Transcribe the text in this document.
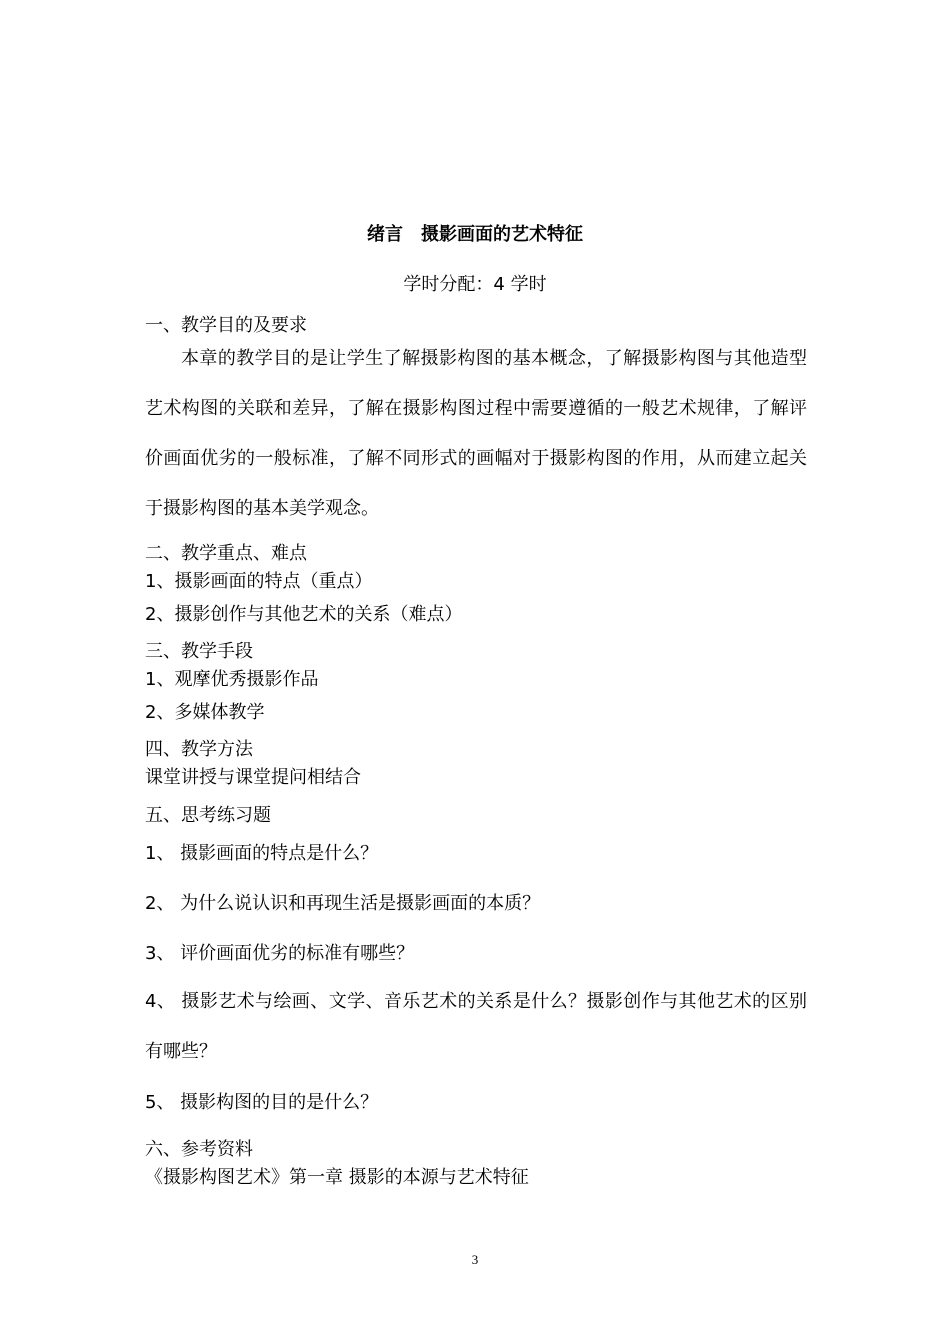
绪言　摄影画面的艺术特征
学时分配：4 学时
一、教学目的及要求
本章的教学目的是让学生了解摄影构图的基本概念，了解摄影构图与其他造型艺术构图的关联和差异，了解在摄影构图过程中需要遵循的一般艺术规律，了解评价画面优劣的一般标准，了解不同形式的画幅对于摄影构图的作用，从而建立起关于摄影构图的基本美学观念。
二、教学重点、难点
1、摄影画面的特点（重点）
2、摄影创作与其他艺术的关系（难点）
三、教学手段
1、观摩优秀摄影作品
2、多媒体教学
四、教学方法
课堂讲授与课堂提问相结合
五、思考练习题
1、 摄影画面的特点是什么？
2、 为什么说认识和再现生活是摄影画面的本质？
3、 评价画面优劣的标准有哪些？
4、 摄影艺术与绘画、文学、音乐艺术的关系是什么？摄影创作与其他艺术的区别有哪些？
5、 摄影构图的目的是什么？
六、参考资料
《摄影构图艺术》第一章 摄影的本源与艺术特征
3
